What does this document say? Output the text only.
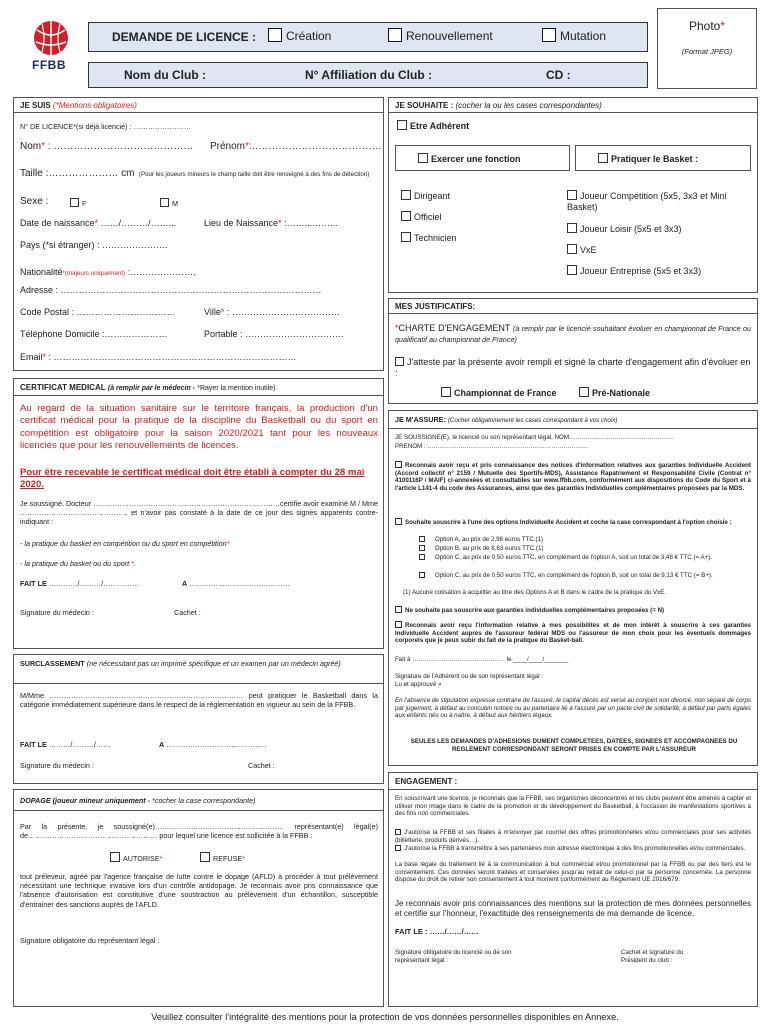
FFBB
DEMANDE DE LICENCE :	Création	Renouvellement	Mutation
Nom du Club :	N° Affiliation du Club :	CD :
Photo*
(Format JPEG)
JE SUIS (*Mentions obligatoires)
N° DE LICENCE*(si déjà licencié) : ……………………
Nom* : …………………………………… Prénom*:…………………………………
Taille :………………… cm (Pour les joueurs mineurs le champ taille doit être renseigné à des fins de détection)
Sexe :	F	M
Date de naissance* ……/………/……...	Lieu de Naissance* :……...……...
Pays (*si étranger) : ………………….
Nationalité*(majeurs uniquement) :………………….
Adresse : ……………………………………………………………………………
Code Postal : ……………………………	Ville* : ………………………………
Téléphone Domicile :…………………	Portable : ……………………………
Email* : ………………………………………………………………………
JE SOUHAITE : (cocher la ou les cases correspondantes)
Etre Adhérent
Exercer une fonction	Pratiquer le Basket :
Dirigeant
Officiel
Technicien
Joueur Compétition (5x5, 3x3 et Mini Basket)
Joueur Loisir (5x5 et 3x3)
VxE
Joueur Entreprise (5x5 et 3x3)
MES JUSTIFICATIFS:
*CHARTE D'ENGAGEMENT (à remplir par le licencié souhaitant évoluer en championnat de France ou qualificatif au championnat de France)
J'atteste par la présente avoir rempli et signé la charte d'engagement afin d'évoluer en :
Championnat de France	Pré-Nationale
CERTIFICAT MEDICAL (à remplir par le médecin - *Rayer la mention inutile)
Au regard de la situation sanitaire sur le territoire français, la production d'un certificat médical pour la pratique de la discipline du Basketball ou du sport en compétition est obligatoire pour la saison 2020/2021 tant pour les nouveaux licenciés que pour les renouvellements de licences.
Pour être recevable le certificat médical doit être établi à compter du 28 mai 2020.
Je soussigné, Docteur ……………………………………………………………………certifie avoir examiné M / Mme ……………………………………… et n'avoir pas constaté à la date de ce jour des signes apparents contre-indiquant :
- la pratique du basket en compétition ou du sport en compétition*
- la pratique du basket ou du sport *.
FAIT LE …………/………/……………	A ……………………………………
Signature du médecin :	Cachet :
SURCLASSEMENT (ne nécessitant pas un imprimé spécifique et un examen par un médecin agréé)
M/Mme ……………………………………………………………………… peut pratiquer le Basketball dans la catégorie immédiatement supérieure dans le respect de la réglementation en vigueur au sein de la FFBB.
FAIT LE ………/………/……	A ……………………………………
Signature du médecin :	Cachet :
DOPAGE (joueur mineur uniquement - *cocher la case correspondante)
Par la présente, je soussigné(e)……………………………………………… représentant(e) légal(e) de……………………………………………… pour lequel une licence est sollicitée à la FFBB :
AUTORISE*	REFUSE*
tout préleveur, agréé par l'agence française de lutte contre le dopage (AFLD) à procéder à tout prélèvement nécessitant une technique invasive lors d'un contrôle antidopage. Je reconnais avoir pris connaissance que l'absence d'autorisation est constitutive d'une soustraction au prélèvement d'un échantillon, susceptible d'entrainer des sanctions auprès de l'AFLD.
Signature obligatoire du représentant légal :
JE M'ASSURE: (Cocher obligatoirement les cases correspondant à vos choix)
JE SOUSSIGNE(E), le licencié ou son représentant légal, NOM……………………………………………
PRENOM : ……………………………………………………………………
Reconnais avoir reçu et pris connaissance des notices d'information relatives aux garanties Individuelle Accident (Accord collectif n° 2159 / Mutuelle des Sportifs-MDS), Assistance Rapatriement et Responsabilité Civile (Contrat n° 4100116P / MAIF) ci-annexées et consultables sur www.ffbb.com, conformément aux dispositions du Code du Sport et à l'article L141-4 du code des Assurances, ainsi que des garanties Individuelles complémentaires proposées par la MDS.
Souhaite souscrire à l'une des options Individuelle Accident et coche la case correspondant à l'option choisie :
Option A, au prix de 2,98 euros TTC.(1)
Option B, au prix de 8,63 euros TTC.(1)
Option C, au prix de 0,50 euros TTC, en complément de l'option A, soit un total de 3,48 € TTC (= A+).
Option C, au prix de 0,50 euros TTC, en complément de l'option B, soit un total de 9,13 € TTC (= B+).
(1) Aucune cotisation à acquitter au titre des Options A et B dans le cadre de la pratique du VxE.
Ne souhaite pas souscrire aux garanties individuelles complémentaires proposées (= N)
Reconnais avoir reçu l'information relative à mes possibilités et de mon intérêt à souscrire à ces garanties Individuelle Accident auprès de l'assureur fédéral MDS ou l'assureur de mon choix pour les éventuels dommages corporels que je peux subir du fait de la pratique du Basket-ball.
Fait à ……………………………………… le ____/____/_______
Signature de l'Adhérent ou de son représentant légal :
Lu et approuvé »
En l'absence de stipulation expresse contraire de l'assuré, le capital décès est versé au conjoint non divorcé, non séparé de corps par jugement, à défaut au concubin notoire ou au partenaire lié à l'assuré par un pacte civil de solidarité, à défaut par parts égales aux enfants nés ou à naître, à défaut aux héritiers légaux.
SEULES LES DEMANDES D'ADHESIONS DUMENT COMPLETEES, DATEES, SIGNEES ET ACCOMPAGNEES DU REGLEMENT CORRESPONDANT SERONT PRISES EN COMPTE PAR L'ASSUREUR
ENGAGEMENT :
En souscrivant une licence, je reconnais que la FFBB, ses organismes déconcentrés et les clubs peuvent être amenés à capter et utiliser mon image dans le cadre de la promotion et du développement du Basketball, à l'occasion de manifestations sportives à des fins non commerciales.
J'autorise la FFBB et ses filiales à m'envoyer par courriel des offres promotionnelles et/ou commerciales pour ses activités (billetterie, produits dérivés…).
J'autorise la FFBB à transmettre à ses partenaires mon adresse électronique à des fins promotionnelles et/ou commerciales.
La base légale du traitement lié à la communication à but commercial et/ou promotionnel par la FFBB ou par des tiers est le consentement. Ces données seront traitées et conservées jusqu'au retrait de celui-ci par la personne concernée. La personne dispose du droit de retirer son consentement à tout moment conformément au Règlement UE 2016/679.
Je reconnais avoir pris connaissances des mentions sur la protection de mes données personnelles et certifie sur l'honneur, l'exactitude des renseignements de ma demande de licence.
FAIT LE : ……/……/……
Signature obligatoire du licencié ou de son représentant légal :
Cachet et signature du Président du club :
Veuillez consulter l'intégralité des mentions pour la protection de vos données personnelles disponibles en Annexe.
